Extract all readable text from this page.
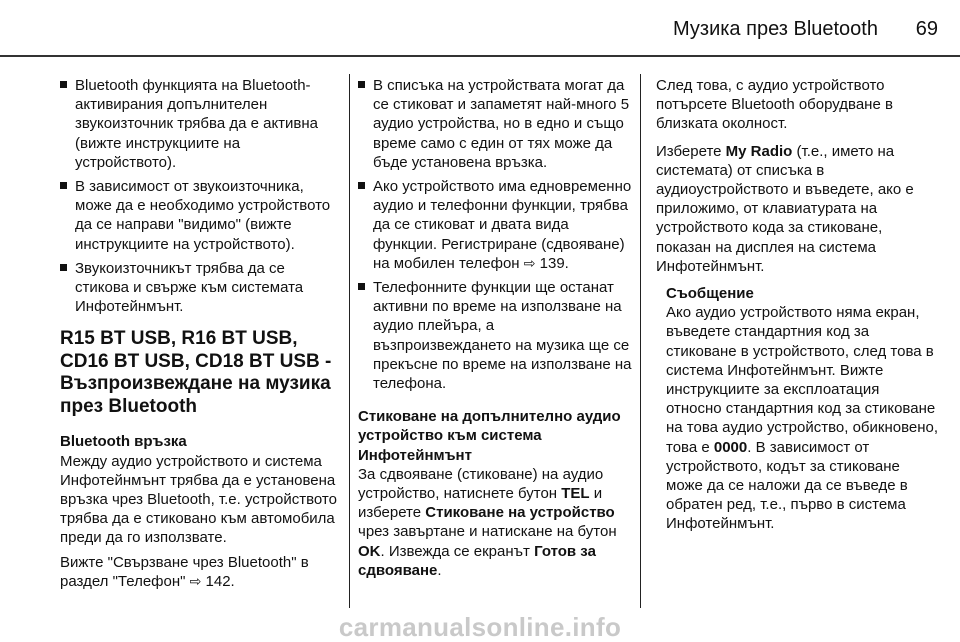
Музика през Bluetooth 69
Bluetooth функцията на Bluetooth-активирания допълнителен звукоизточник трябва да е активна (вижте инструкциите на устройството).
В зависимост от звукоизточника, може да е необходимо устройството да се направи "видимо" (вижте инструкциите на устройството).
Звукоизточникът трябва да се стикова и свърже към системата Инфотейнмънт.
R15 BT USB, R16 BT USB, CD16 BT USB, CD18 BT USB - Възпроизвеждане на музика през Bluetooth
Bluetooth връзка
Между аудио устройството и система Инфотейнмънт трябва да е установена връзка чрез Bluetooth, т.е. устройството трябва да е стиковано към автомобила преди да го използвате.
Вижте "Свързване чрез Bluetooth" в раздел "Телефон" ⇨ 142.
В списъка на устройствата могат да се стиковат и запаметят най-много 5 аудио устройства, но в едно и също време само с един от тях може да бъде установена връзка.
Ако устройството има едновременно аудио и телефонни функции, трябва да се стиковат и двата вида функции. Регистриране (сдвояване) на мобилен телефон ⇨ 139.
Телефонните функции ще останат активни по време на използване на аудио плейъра, а възпроизвеждането на музика ще се прекъсне по време на използване на телефона.
Стиковане на допълнително аудио устройство към система Инфотейнмънт
За сдвояване (стиковане) на аудио устройство, натиснете бутон TEL и изберете Стиковане на устройство чрез завъртане и натискане на бутон OK. Извежда се екранът Готов за сдвояване.
След това, с аудио устройството потърсете Bluetooth оборудване в близката околност.
Изберете My Radio (т.е., името на системата) от списъка в аудиоустройството и въведете, ако е приложимо, от клавиатурата на устройството кода за стиковане, показан на дисплея на система Инфотейнмънт.
Съобщение
Ако аудио устройството няма екран, въведете стандартния код за стиковане в устройството, след това в система Инфотейнмънт. Вижте инструкциите за експлоатация относно стандартния код за стиковане на това аудио устройство, обикновено, това е 0000. В зависимост от устройството, кодът за стиковане може да се наложи да се въведе в обратен ред, т.е., първо в система Инфотейнмънт.
carmanualsonline.info
